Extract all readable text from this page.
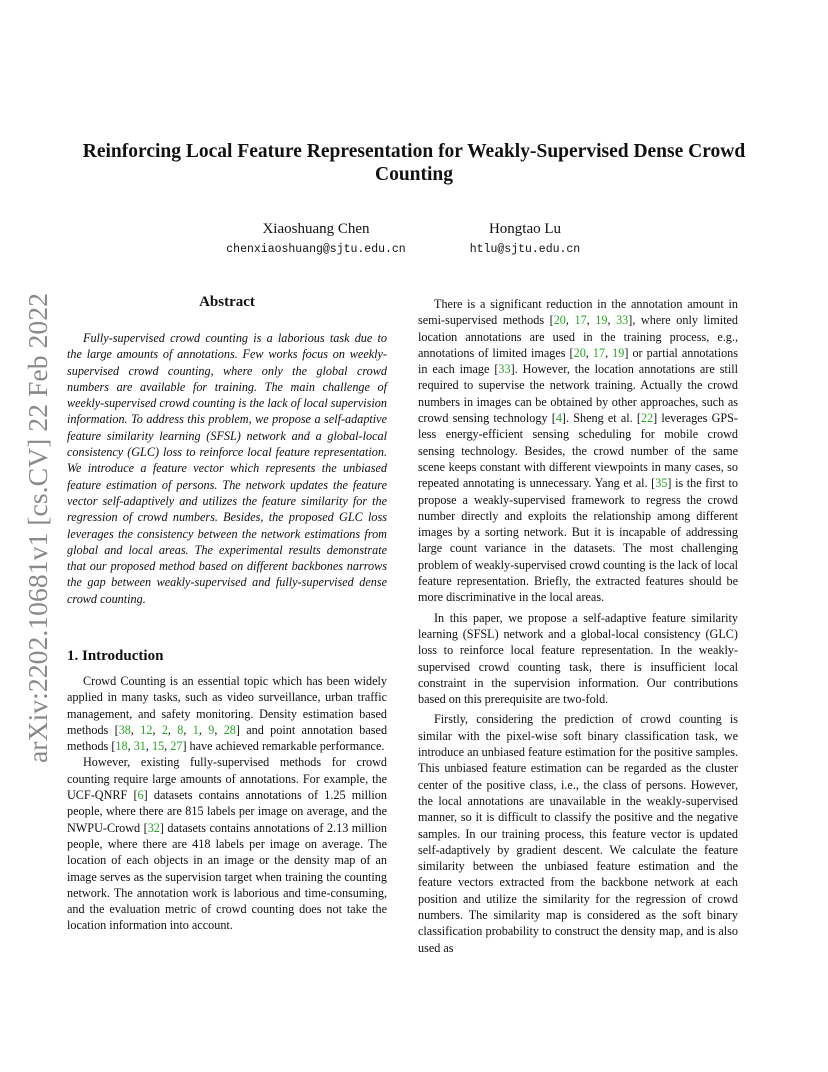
arXiv:2202.10681v1 [cs.CV] 22 Feb 2022
Reinforcing Local Feature Representation for Weakly-Supervised Dense Crowd Counting
Xiaoshuang Chen
chenxiaoshuang@sjtu.edu.cn
Hongtao Lu
htlu@sjtu.edu.cn
Abstract
Fully-supervised crowd counting is a laborious task due to the large amounts of annotations. Few works focus on weekly-supervised crowd counting, where only the global crowd numbers are available for training. The main challenge of weekly-supervised crowd counting is the lack of local supervision information. To address this problem, we propose a self-adaptive feature similarity learning (SFSL) network and a global-local consistency (GLC) loss to reinforce local feature representation. We introduce a feature vector which represents the unbiased feature estimation of persons. The network updates the feature vector self-adaptively and utilizes the feature similarity for the regression of crowd numbers. Besides, the proposed GLC loss leverages the consistency between the network estimations from global and local areas. The experimental results demonstrate that our proposed method based on different backbones narrows the gap between weakly-supervised and fully-supervised dense crowd counting.
1. Introduction

Crowd Counting is an essential topic which has been widely applied in many tasks, such as video surveillance, urban traffic management, and safety monitoring. Density estimation based methods [38, 12, 2, 8, 1, 9, 28] and point annotation based methods [18, 31, 15, 27] have achieved remarkable performance.

However, existing fully-supervised methods for crowd counting require large amounts of annotations. For example, the UCF-QNRF [6] datasets contains annotations of 1.25 million people, where there are 815 labels per image on average, and the NWPU-Crowd [32] datasets contains annotations of 2.13 million people, where there are 418 labels per image on average. The location of each objects in an image or the density map of an image serves as the supervision target when training the counting network. The annotation work is laborious and time-consuming, and the evaluation metric of crowd counting does not take the location information into account.

There is a significant reduction in the annotation amount in semi-supervised methods [20, 17, 19, 33], where only limited location annotations are used in the training process, e.g., annotations of limited images [20, 17, 19] or partial annotations in each image [33]. However, the location annotations are still required to supervise the network training. Actually the crowd numbers in images can be obtained by other approaches, such as crowd sensing technology [4]. Sheng et al. [22] leverages GPS-less energy-efficient sensing scheduling for mobile crowd sensing technology. Besides, the crowd number of the same scene keeps constant with different viewpoints in many cases, so repeated annotating is unnecessary. Yang et al. [35] is the first to propose a weakly-supervised framework to regress the crowd number directly and exploits the relationship among different images by a sorting network. But it is incapable of addressing large count variance in the datasets. The most challenging problem of weakly-supervised crowd counting is the lack of local feature representation. Briefly, the extracted features should be more discriminative in the local areas.

In this paper, we propose a self-adaptive feature similarity learning (SFSL) network and a global-local consistency (GLC) loss to reinforce local feature representation. In the weakly-supervised crowd counting task, there is insufficient local constraint in the supervision information. Our contributions based on this prerequisite are two-fold.

Firstly, considering the prediction of crowd counting is similar with the pixel-wise soft binary classification task, we introduce an unbiased feature estimation for the positive samples. This unbiased feature estimation can be regarded as the cluster center of the positive class, i.e., the class of persons. However, the local annotations are unavailable in the weakly-supervised manner, so it is difficult to classify the positive and the negative samples. In our training process, this feature vector is updated self-adaptively by gradient descent. We calculate the feature similarity between the unbiased feature estimation and the feature vectors extracted from the backbone network at each position and utilize the similarity for the regression of crowd numbers. The similarity map is considered as the soft binary classification probability to construct the density map, and is also used as
